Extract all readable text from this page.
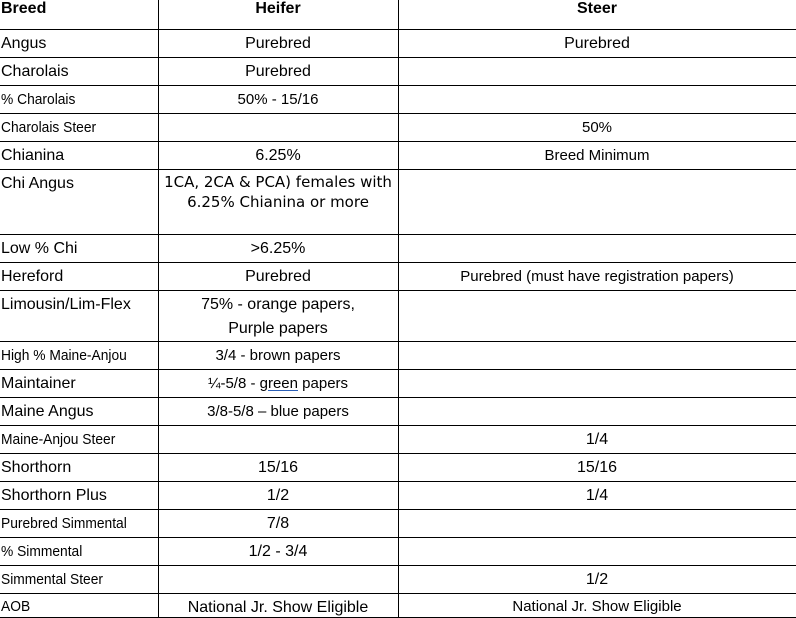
Breed	Heifer	Steer
Angus	Purebred	Purebred
Charolais	Purebred	
% Charolais	50% - 15/16	
Charolais Steer		50%
Chianina	6.25%	Breed Minimum
Chi Angus	1CA, 2CA & PCA) females with 6.25% Chianina or more	

Low % Chi	>6.25%	
Hereford	Purebred	Purebred (must have registration papers)
Limousin/Lim-Flex	75% - orange papers,
Purple papers	

High % Maine-Anjou	3/4 - brown papers	
Maintainer	¼-5/8 - green papers	
Maine Angus	3/8-5/8 – blue papers	
Maine-Anjou Steer		1/4
Shorthorn	15/16	15/16
Shorthorn Plus	1/2	1/4
Purebred Simmental	7/8	
% Simmental	1/2 - 3/4	
Simmental Steer		1/2
AOB	National Jr. Show Eligible	National Jr. Show Eligible
